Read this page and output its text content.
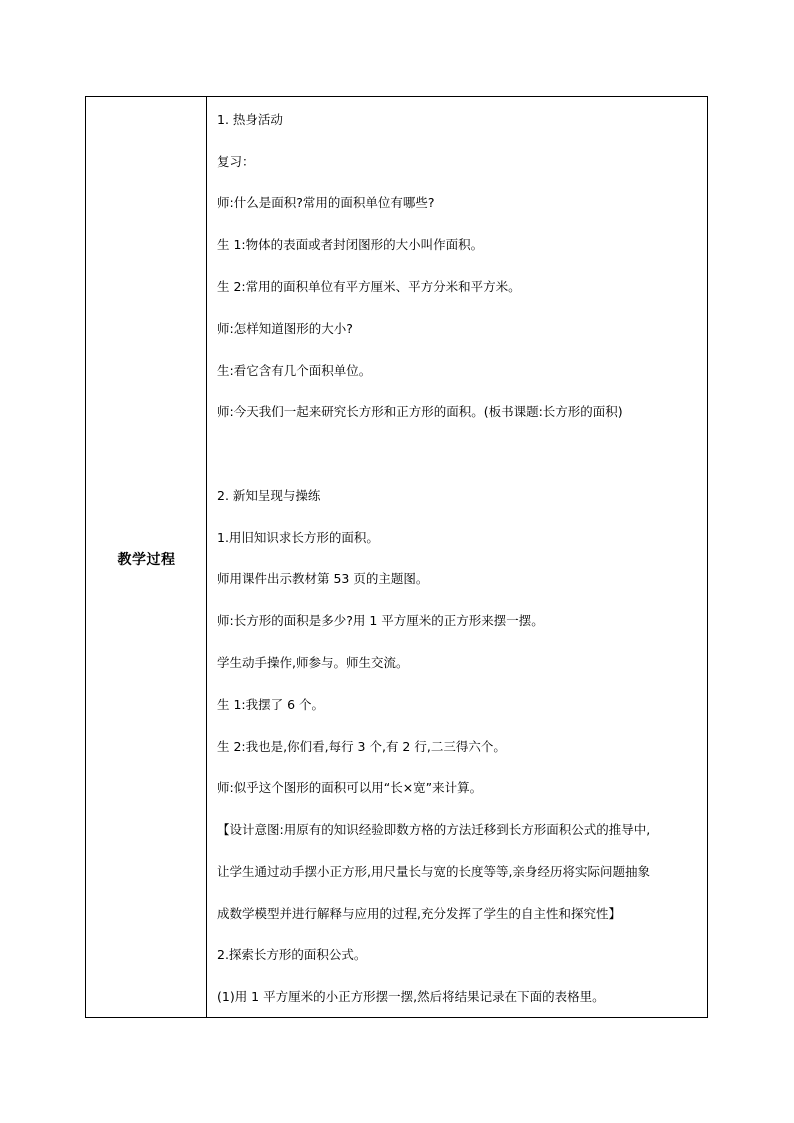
教学过程
1. 热身活动
复习：
师:什么是面积?常用的面积单位有哪些?
生 1:物体的表面或者封闭图形的大小叫作面积。
生 2:常用的面积单位有平方厘米、平方分米和平方米。
师:怎样知道图形的大小?
生:看它含有几个面积单位。
师:今天我们一起来研究长方形和正方形的面积。(板书课题:长方形的面积)
2. 新知呈现与操练
1.用旧知识求长方形的面积。
师用课件出示教材第 53 页的主题图。
师:长方形的面积是多少?用 1 平方厘米的正方形来摆一摆。
学生动手操作,师参与。师生交流。
生 1:我摆了 6 个。
生 2:我也是,你们看,每行 3 个,有 2 行,二三得六个。
师:似乎这个图形的面积可以用“长×宽”来计算。
【设计意图:用原有的知识经验即数方格的方法迁移到长方形面积公式的推导中,
让学生通过动手摆小正方形,用尺量长与宽的长度等等,亲身经历将实际问题抽象
成数学模型并进行解释与应用的过程,充分发挥了学生的自主性和探究性】
2.探索长方形的面积公式。
(1)用 1 平方厘米的小正方形摆一摆,然后将结果记录在下面的表格里。
